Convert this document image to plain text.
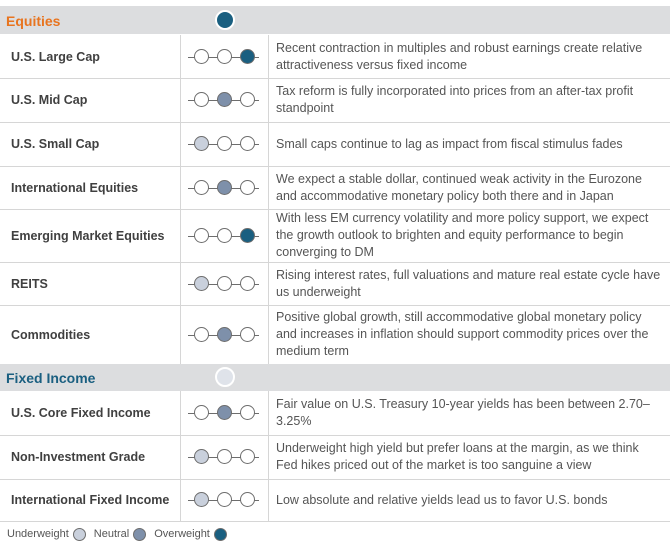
Equities
U.S. Large Cap
Recent contraction in multiples and robust earnings create relative attractiveness versus fixed income
U.S. Mid Cap
Tax reform is fully incorporated into prices from an after-tax profit standpoint
U.S. Small Cap	Small caps continue to lag as impact from fiscal stimulus fades
International Equities
We expect a stable dollar, continued weak activity in the Eurozone and accommodative monetary policy both there and in Japan
Emerging Market Equities
With less EM currency volatility and more policy support, we expect the growth outlook to brighten and equity performance to begin converging to DM
REITS
Rising interest rates, full valuations and mature real estate cycle have us underweight
Commodities
Positive global growth, still accommodative global monetary policy and increases in inflation should support commodity prices over the medium term
Fixed Income
U.S. Core Fixed Income
Fair value on U.S. Treasury 10-year yields has been between 2.70–3.25%
Non-Investment Grade
Underweight high yield but prefer loans at the margin, as we think Fed hikes priced out of the market is too sanguine a view
International Fixed Income	Low absolute and relative yields lead us to favor U.S. bonds
Underweight Neutral Overweight
